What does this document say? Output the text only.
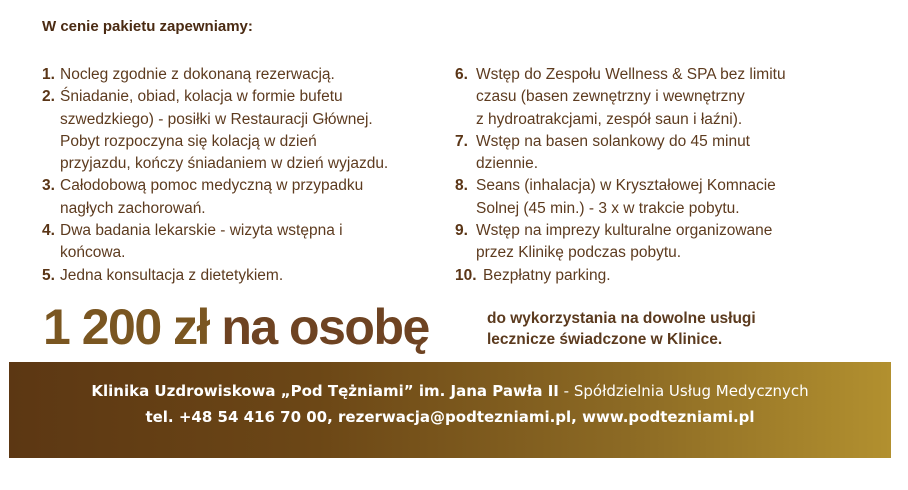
W cenie pakietu zapewniamy:
1. Nocleg zgodnie z dokonaną rezerwacją.
2. Śniadanie, obiad, kolacja w formie bufetu
szwedzkiego) - posiłki w Restauracji Głównej.
Pobyt rozpoczyna się kolacją w dzień
przyjazdu, kończy śniadaniem w dzień wyjazdu.
3. Całodobową pomoc medyczną w przypadku
nagłych zachorowań.
4. Dwa badania lekarskie - wizyta wstępna i
końcowa.
5. Jedna konsultacja z dietetykiem.
6. Wstęp do Zespołu Wellness & SPA bez limitu
czasu (basen zewnętrzny i wewnętrzny
z hydroatrakcjami, zespół saun i łaźni).
7. Wstęp na basen solankowy do 45 minut
dziennie.
8. Seans (inhalacja) w Kryształowej Komnacie
Solnej (45 min.) - 3 x w trakcie pobytu.
9. Wstęp na imprezy kulturalne organizowane
przez Klinikę podczas pobytu.
10. Bezpłatny parking.
1 200 zł na osobę	do wykorzystania na dowolne usługi
lecznicze świadczone w Klinice.
Klinika Uzdrowiskowa „Pod Tężniami” im. Jana Pawła II - Spółdzielnia Usług Medycznych
tel. +48 54 416 70 00, rezerwacja@podtezniami.pl, www.podtezniami.pl
